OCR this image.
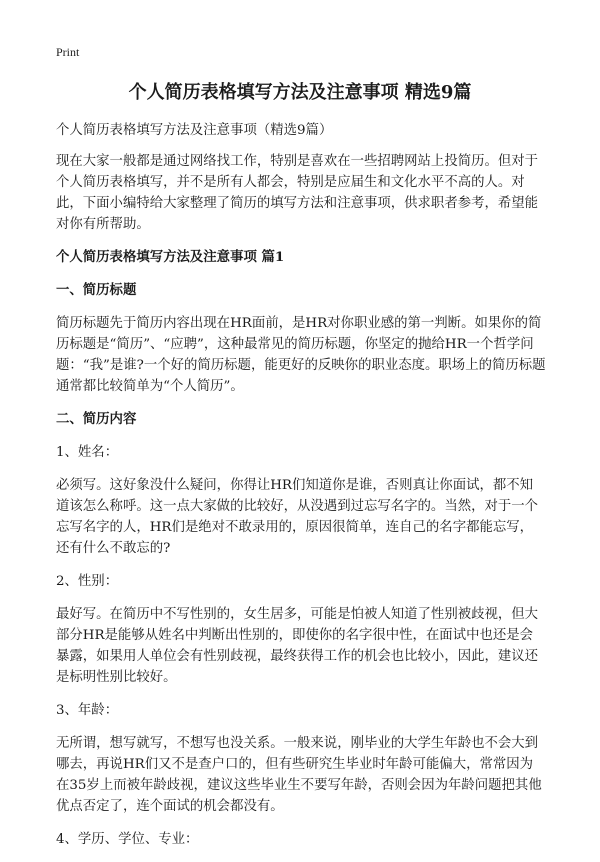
Print
个人简历表格填写方法及注意事项 精选9篇

个人简历表格填写方法及注意事项（精选9篇）

现在大家一般都是通过网络找工作，特别是喜欢在一些招聘网站上投简历。但对于个人简历表格填写，并不是所有人都会，特别是应届生和文化水平不高的人。对此，下面小编特给大家整理了简历的填写方法和注意事项，供求职者参考，希望能对你有所帮助。

个人简历表格填写方法及注意事项 篇1

一、简历标题

简历标题先于简历内容出现在HR面前，是HR对你职业感的第一判断。如果你的简历标题是“简历”、“应聘”，这种最常见的简历标题，你坚定的抛给HR一个哲学问题：“我”是谁?一个好的简历标题，能更好的反映你的职业态度。职场上的简历标题通常都比较简单为“个人简历”。

二、简历内容

1、姓名：

必须写。这好象没什么疑问，你得让HR们知道你是谁，否则真让你面试，都不知道该怎么称呼。这一点大家做的比较好，从没遇到过忘写名字的。当然，对于一个忘写名字的人，HR们是绝对不敢录用的，原因很简单，连自己的名字都能忘写，还有什么不敢忘的?

2、性别：

最好写。在简历中不写性别的，女生居多，可能是怕被人知道了性别被歧视，但大部分HR是能够从姓名中判断出性别的，即使你的名字很中性，在面试中也还是会暴露，如果用人单位会有性别歧视，最终获得工作的机会也比较小，因此，建议还是标明性别比较好。

3、年龄：

无所谓，想写就写，不想写也没关系。一般来说，刚毕业的大学生年龄也不会大到哪去，再说HR们又不是查户口的，但有些研究生毕业时年龄可能偏大，常常因为在35岁上而被年龄歧视，建议这些毕业生不要写年龄，否则会因为年龄问题把其他优点否定了，连个面试的机会都没有。

4、学历、学位、专业：
